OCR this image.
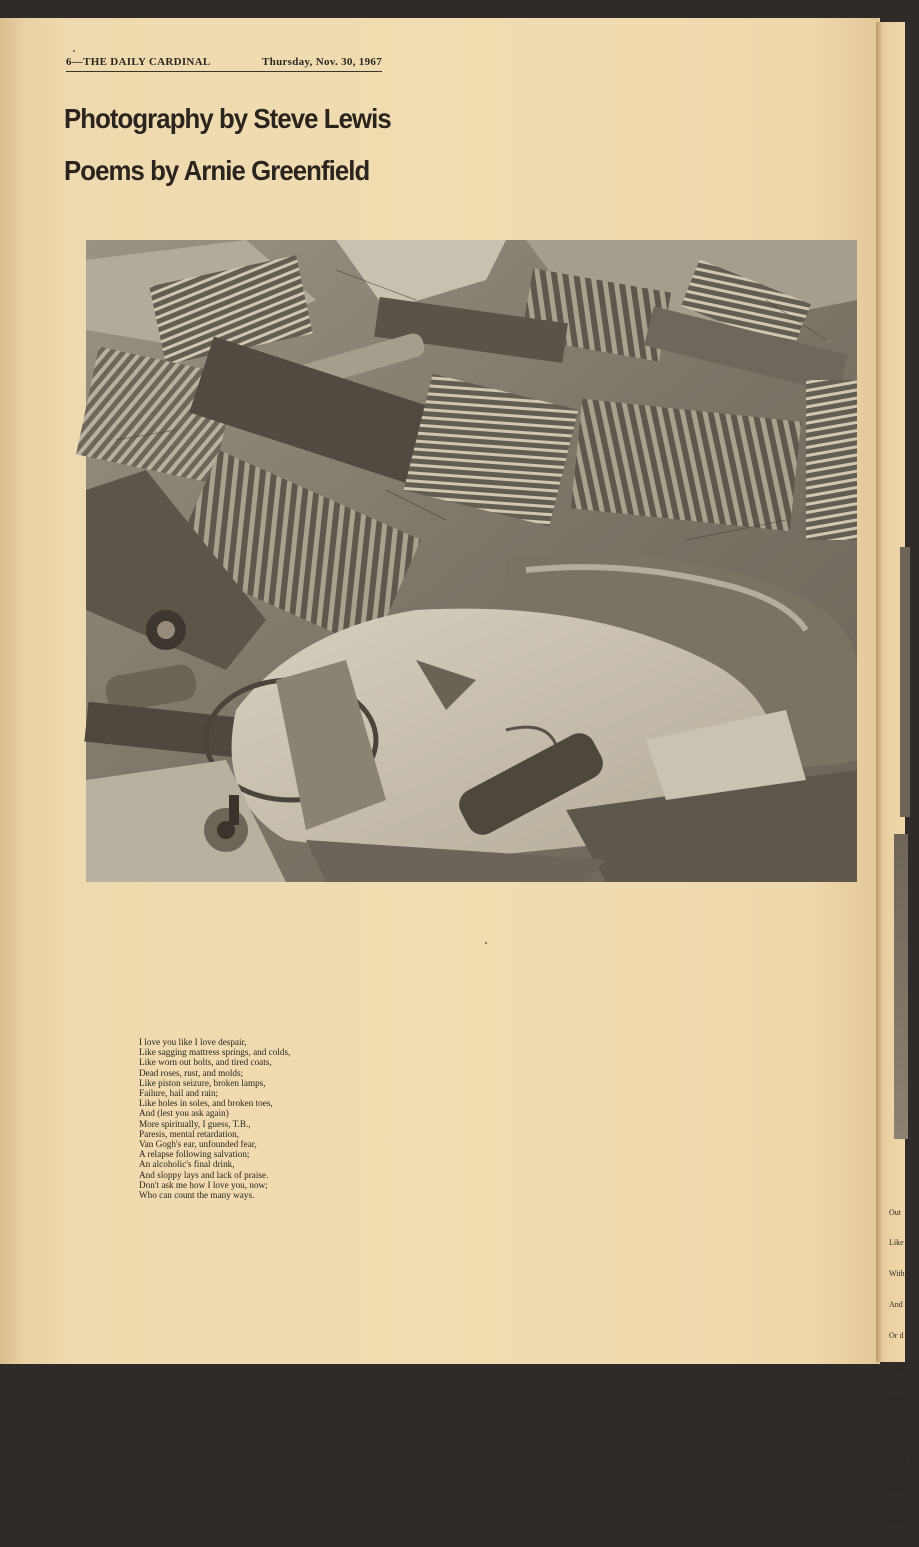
6—THE DAILY CARDINAL	Thursday, Nov. 30, 1967
Photography by Steve Lewis
Poems by Arnie Greenfield
I love you like I love despair,
Like sagging mattress springs, and colds,
Like worn out bolts, and tired coats,
Dead roses, rust, and molds;
Like piston seizure, broken lamps,
Failure, hail and rain;
Like holes in soles, and broken toes,
And (lest you ask again)
More spiritually, I guess, T.B.,
Paresis, mental retardation,
Van Gogh's ear, unfounded fear,
A relapse following salvation;
An alcoholic's final drink,
And sloppy lays and lack of praise.
Don't ask me how I love you, now;
Who can count the many ways.

Out

Like

With

And

Or d

Like

She'

And

Sung

And

Whic
